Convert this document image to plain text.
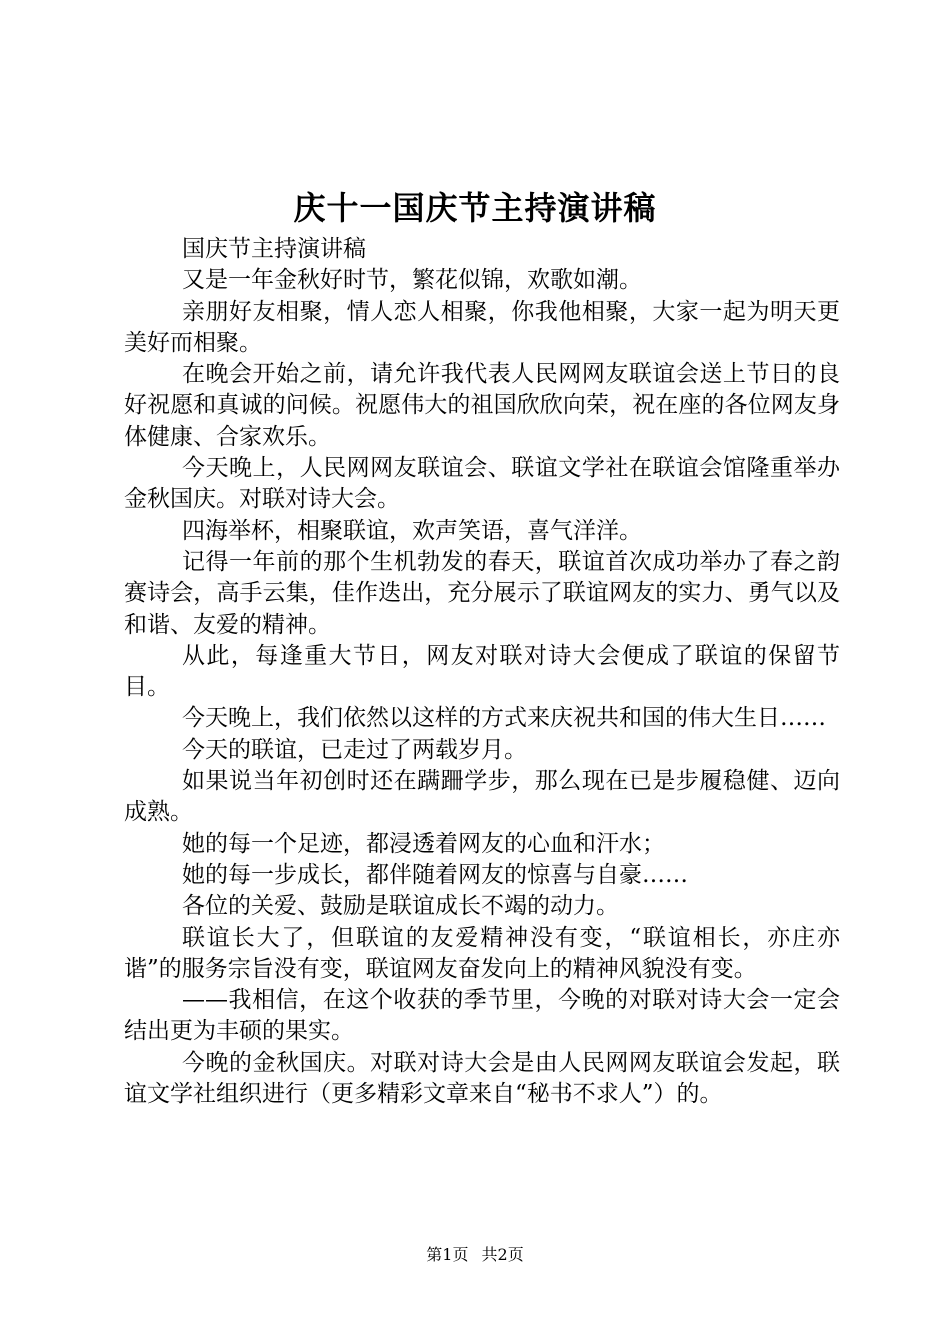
庆十一国庆节主持演讲稿

国庆节主持演讲稿

又是一年金秋好时节，繁花似锦，欢歌如潮。

亲朋好友相聚，情人恋人相聚，你我他相聚，大家一起为明天更美好而相聚。

在晚会开始之前，请允许我代表人民网网友联谊会送上节日的良好祝愿和真诚的问候。祝愿伟大的祖国欣欣向荣，祝在座的各位网友身体健康、合家欢乐。

今天晚上，人民网网友联谊会、联谊文学社在联谊会馆隆重举办金秋国庆。对联对诗大会。

四海举杯，相聚联谊，欢声笑语，喜气洋洋。

记得一年前的那个生机勃发的春天，联谊首次成功举办了春之韵赛诗会，高手云集，佳作迭出，充分展示了联谊网友的实力、勇气以及和谐、友爱的精神。

从此，每逢重大节日，网友对联对诗大会便成了联谊的保留节目。

今天晚上，我们依然以这样的方式来庆祝共和国的伟大生日……

今天的联谊，已走过了两载岁月。

如果说当年初创时还在蹒跚学步，那么现在已是步履稳健、迈向成熟。

她的每一个足迹，都浸透着网友的心血和汗水；

她的每一步成长，都伴随着网友的惊喜与自豪……

各位的关爱、鼓励是联谊成长不竭的动力。

联谊长大了，但联谊的友爱精神没有变，“联谊相长，亦庄亦谐”的服务宗旨没有变，联谊网友奋发向上的精神风貌没有变。

——我相信，在这个收获的季节里，今晚的对联对诗大会一定会结出更为丰硕的果实。

今晚的金秋国庆。对联对诗大会是由人民网网友联谊会发起，联谊文学社组织进行（更多精彩文章来自“秘书不求人”）的。

第1页 共2页
